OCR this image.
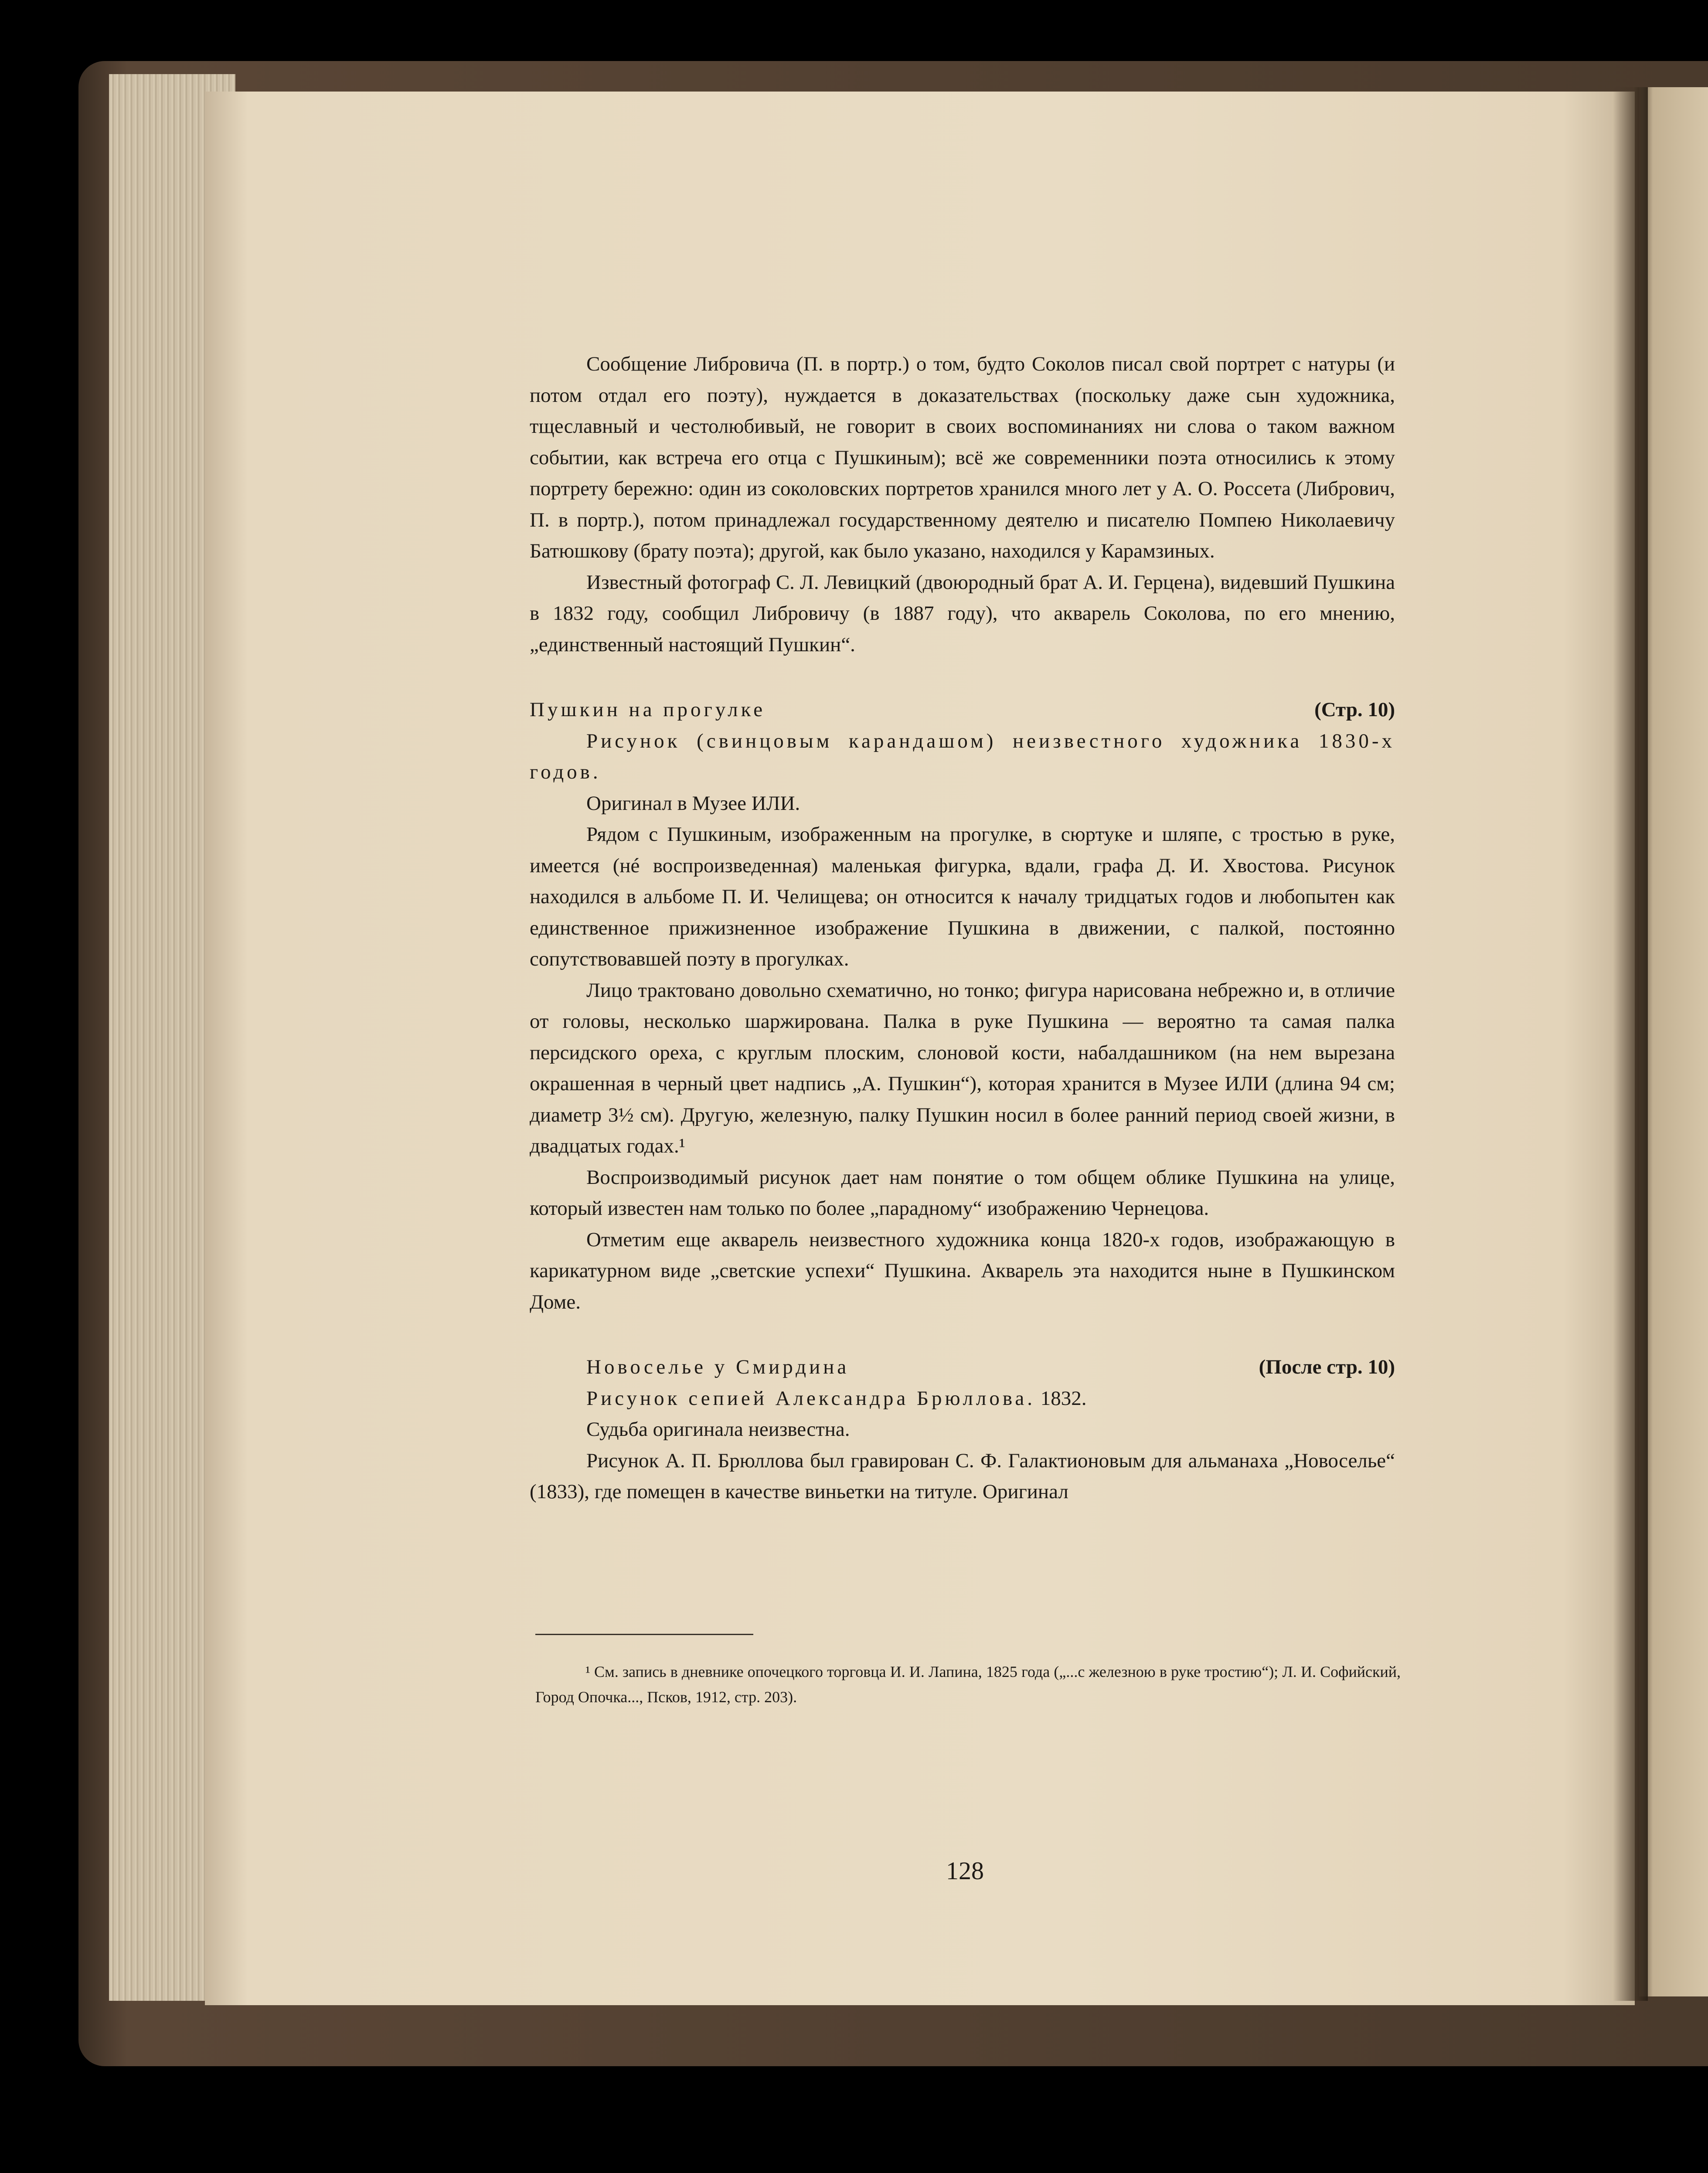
Сообщение Либровича (П. в портр.) о том, будто Соколов писал свой портрет с натуры (и потом отдал его поэту), нуждается в доказательствах (поскольку даже сын художника, тщеславный и честолюбивый, не говорит в своих воспоминаниях ни слова о таком важном событии, как встреча его отца с Пушкиным); всё же современники поэта относились к этому портрету бережно: один из соколовских портретов хранился много лет у А. О. Россета (Либрович, П. в портр.), потом принадлежал государственному деятелю и писателю Помпею Николаевичу Батюшкову (брату поэта); другой, как было указано, находился у Карамзиных.

Известный фотограф С. Л. Левицкий (двоюродный брат А. И. Герцена), видевший Пушкина в 1832 году, сообщил Либровичу (в 1887 году), что акварель Соколова, по его мнению, „единственный настоящий Пушкин“.

Пушкин на прогулке	(Стр. 10)

Рисунок (свинцовым карандашом) неизвестного художника 1830-х годов.

Оригинал в Музее ИЛИ.

Рядом с Пушкиным, изображенным на прогулке, в сюртуке и шляпе, с тростью в руке, имеется (нé воспроизведенная) маленькая фигурка, вдали, графа Д. И. Хвостова. Рисунок находился в альбоме П. И. Челищева; он относится к началу тридцатых годов и любопытен как единственное прижизненное изображение Пушкина в движении, с палкой, постоянно сопутствовавшей поэту в прогулках.

Лицо трактовано довольно схематично, но тонко; фигура нарисована небрежно и, в отличие от головы, несколько шаржирована. Палка в руке Пушкина — вероятно та самая палка персидского ореха, с круглым плоским, слоновой кости, набалдашником (на нем вырезана окрашенная в черный цвет надпись „А. Пушкин“), которая хранится в Музее ИЛИ (длина 94 см; диаметр 3½ см). Другую, железную, палку Пушкин носил в более ранний период своей жизни, в двадцатых годах.¹

Воспроизводимый рисунок дает нам понятие о том общем облике Пушкина на улице, который известен нам только по более „парадному“ изображению Чернецова.

Отметим еще акварель неизвестного художника конца 1820-х годов, изображающую в карикатурном виде „светские успехи“ Пушкина. Акварель эта находится ныне в Пушкинском Доме.

Новоселье у Смирдина	(После стр. 10)

Рисунок сепией Александра Брюллова. 1832.

Судьба оригинала неизвестна.

Рисунок А. П. Брюллова был гравирован С. Ф. Галактионовым для альманаха „Новоселье“ (1833), где помещен в качестве виньетки на титуле. Оригинал

¹ См. запись в дневнике опочецкого торговца И. И. Лапина, 1825 года („...с железною в руке тростию“); Л. И. Софийский, Город Опочка..., Псков, 1912, стр. 203).

128
